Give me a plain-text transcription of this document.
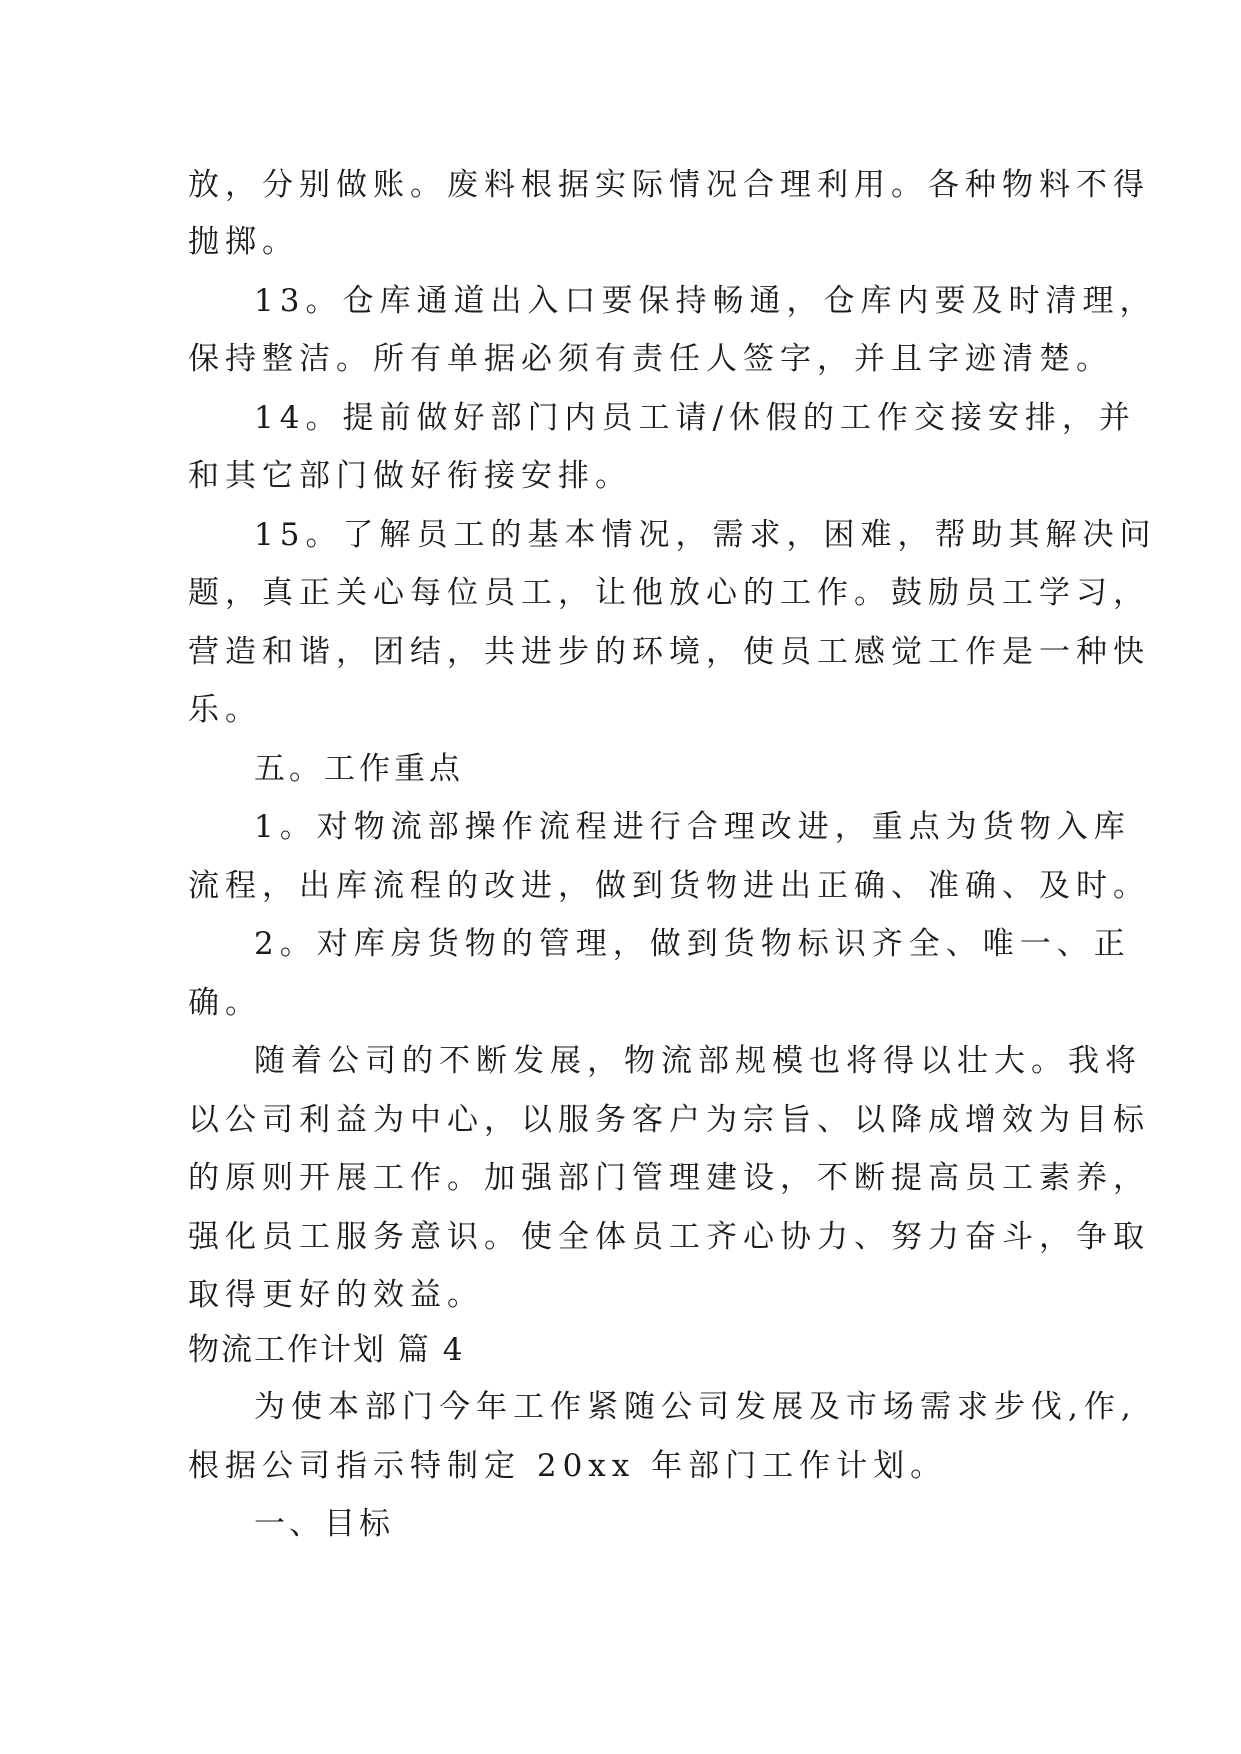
放，分别做账。废料根据实际情况合理利用。各种物料不得

抛掷。

13。仓库通道出入口要保持畅通，仓库内要及时清理，

保持整洁。所有单据必须有责任人签字，并且字迹清楚。

14。提前做好部门内员工请/休假的工作交接安排，并

和其它部门做好衔接安排。

15。了解员工的基本情况，需求，困难，帮助其解决问

题，真正关心每位员工，让他放心的工作。鼓励员工学习，

营造和谐，团结，共进步的环境，使员工感觉工作是一种快

乐。

五。工作重点

1。对物流部操作流程进行合理改进，重点为货物入库

流程，出库流程的改进，做到货物进出正确、准确、及时。

2。对库房货物的管理，做到货物标识齐全、唯一、正

确。

随着公司的不断发展，物流部规模也将得以壮大。我将

以公司利益为中心，以服务客户为宗旨、以降成增效为目标

的原则开展工作。加强部门管理建设，不断提高员工素养，

强化员工服务意识。使全体员工齐心协力、努力奋斗，争取

取得更好的效益。

物流工作计划 篇 4

为使本部门今年工作紧随公司发展及市场需求步伐,作,

根据公司指示特制定 20xx 年部门工作计划。

一、目标
